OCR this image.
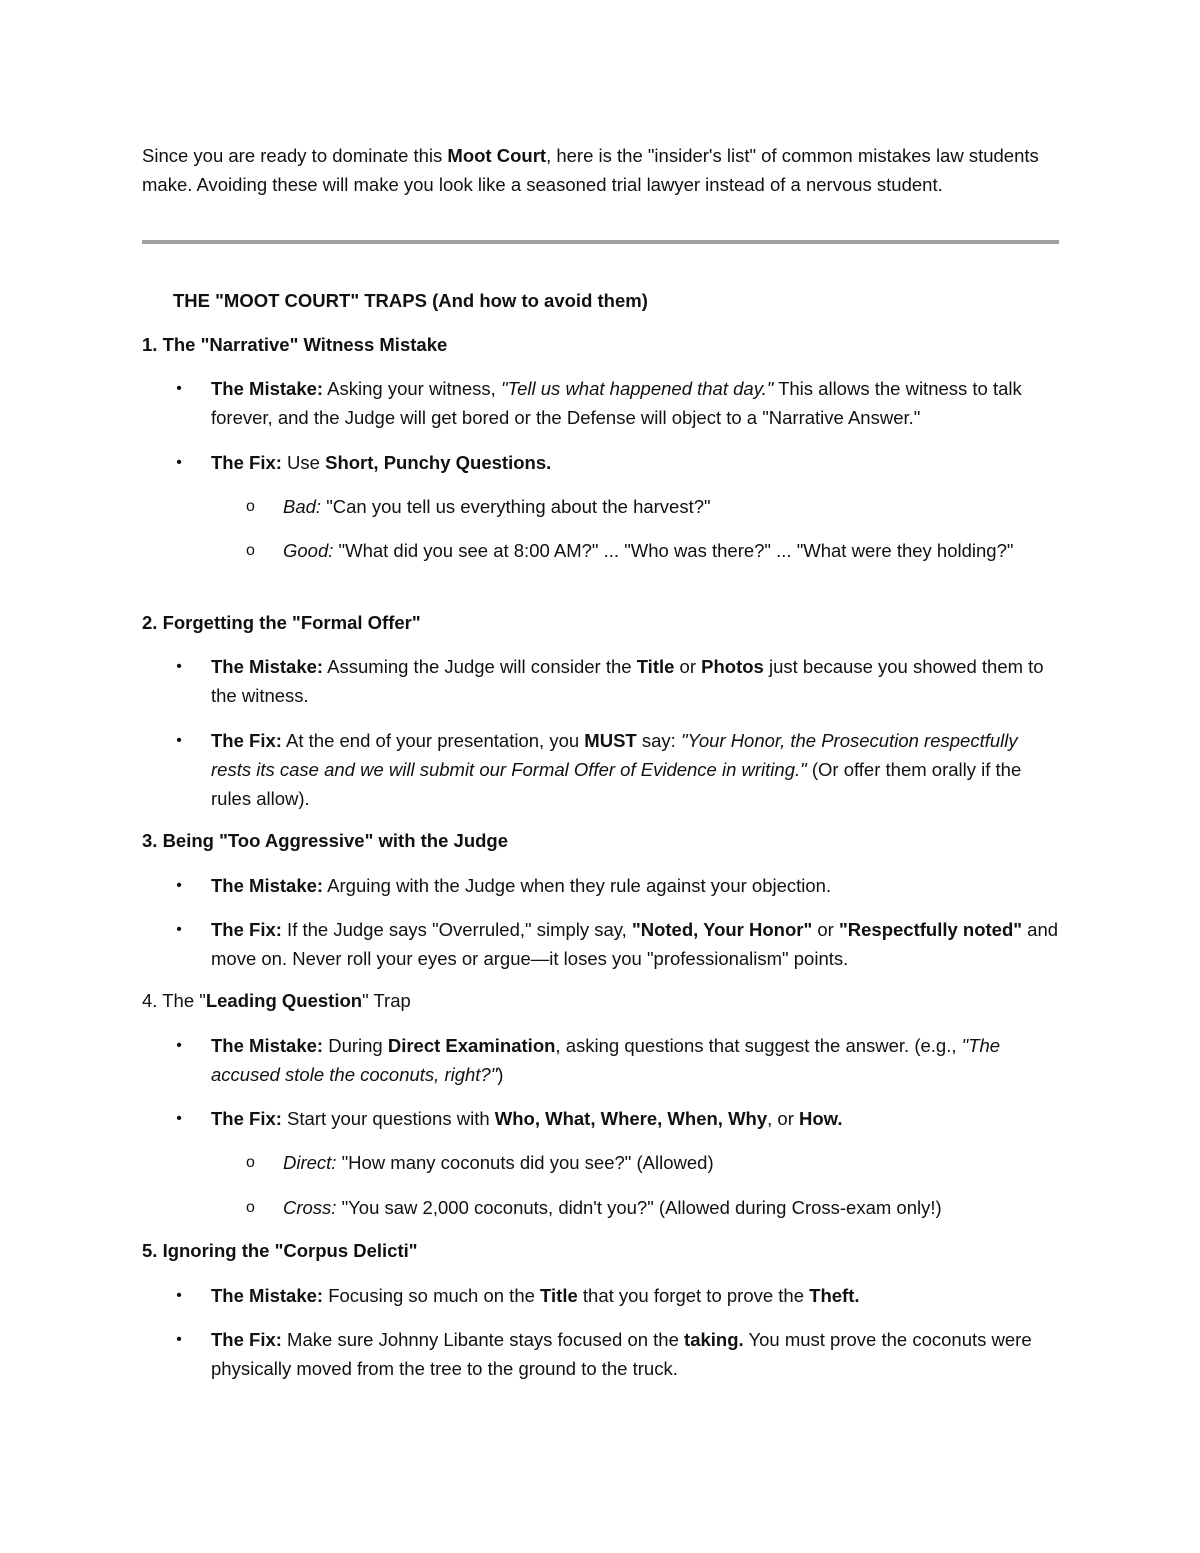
Since you are ready to dominate this Moot Court, here is the "insider's list" of common mistakes law students make. Avoiding these will make you look like a seasoned trial lawyer instead of a nervous student.

THE "MOOT COURT" TRAPS (And how to avoid them)

1. The "Narrative" Witness Mistake

• The Mistake: Asking your witness, "Tell us what happened that day." This allows the witness to talk forever, and the Judge will get bored or the Defense will object to a "Narrative Answer."

• The Fix: Use Short, Punchy Questions.

o Bad: "Can you tell us everything about the harvest?"

o Good: "What did you see at 8:00 AM?" ... "Who was there?" ... "What were they holding?"

2. Forgetting the "Formal Offer"

• The Mistake: Assuming the Judge will consider the Title or Photos just because you showed them to the witness.

• The Fix: At the end of your presentation, you MUST say: "Your Honor, the Prosecution respectfully rests its case and we will submit our Formal Offer of Evidence in writing." (Or offer them orally if the rules allow).

3. Being "Too Aggressive" with the Judge

• The Mistake: Arguing with the Judge when they rule against your objection.

• The Fix: If the Judge says "Overruled," simply say, "Noted, Your Honor" or "Respectfully noted" and move on. Never roll your eyes or argue—it loses you "professionalism" points.

4. The "Leading Question" Trap

• The Mistake: During Direct Examination, asking questions that suggest the answer. (e.g., "The accused stole the coconuts, right?")

• The Fix: Start your questions with Who, What, Where, When, Why, or How.

o Direct: "How many coconuts did you see?" (Allowed)

o Cross: "You saw 2,000 coconuts, didn't you?" (Allowed during Cross-exam only!)

5. Ignoring the "Corpus Delicti"

• The Mistake: Focusing so much on the Title that you forget to prove the Theft.

• The Fix: Make sure Johnny Libante stays focused on the taking. You must prove the coconuts were physically moved from the tree to the ground to the truck.
